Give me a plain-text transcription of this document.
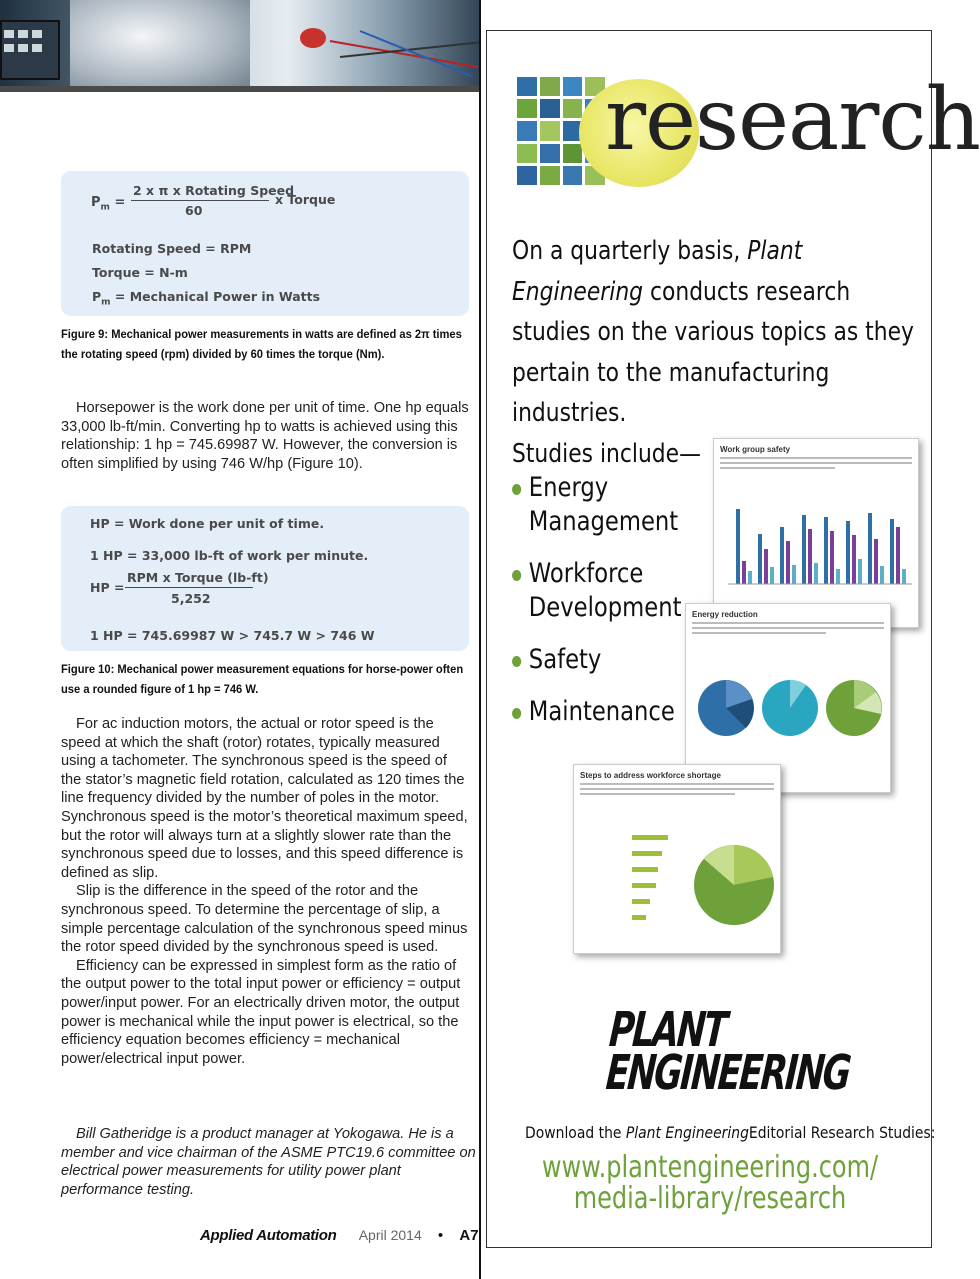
$P_m$ =
2 x π x Rotating Speed
60
x Torque
Rotating Speed = RPM
Torque = N-m
$P_m$ = Mechanical Power in Watts
Figure 9: Mechanical power measurements in watts are defined as 2π times the rotating speed (rpm) divided by 60 times the torque (Nm).

Horsepower is the work done per unit of time. One hp equals 33,000 lb-ft/min. Converting hp to watts is achieved using this relationship: 1 hp = 745.69987 W. However, the conversion is often simplified by using 746 W/hp (Figure 10).

HP = Work done per unit of time.
1 HP = 33,000 lb-ft of work per minute.
HP =
RPM x Torque (lb-ft)
5,252
1 HP = 745.69987 W > 745.7 W > 746 W
Figure 10: Mechanical power measurement equations for horse-power often use a rounded figure of 1 hp = 746 W.

For ac induction motors, the actual or rotor speed is the speed at which the shaft (rotor) rotates, typically measured using a tachometer. The synchronous speed is the speed of the stator’s magnetic field rotation, calculated as 120 times the line frequency divided by the number of poles in the motor. Synchronous speed is the motor’s theoretical maximum speed, but the rotor will always turn at a slightly slower rate than the synchronous speed due to losses, and this speed difference is defined as slip.

Slip is the difference in the speed of the rotor and the synchronous speed. To determine the percentage of slip, a simple percentage calculation of the synchronous speed minus the rotor speed divided by the synchronous speed is used.

Efficiency can be expressed in simplest form as the ratio of the output power to the total input power or efficiency = output power/input power. For an electrically driven motor, the output power is mechanical while the input power is electrical, so the efficiency equation becomes efficiency = mechanical power/electrical input power.

Bill Gatheridge is a product manager at Yokogawa. He is a member and vice chairman of the ASME PTC19.6 committee on electrical power measurements for utility power plant performance testing.
Applied Automation April 2014 • A7
research
On a quarterly basis, Plant Engineering conducts research studies on the various topics as they pertain to the manufacturing industries.
Studies include—
Energy
Management
Workforce
Development
Safety
Maintenance
Work group safety
Energy reduction
Steps to address workforce shortage
PLANT
ENGINEERING
Download the Plant EngineeringEditorial Research Studies:
www.plantengineering.com/
media-library/research
